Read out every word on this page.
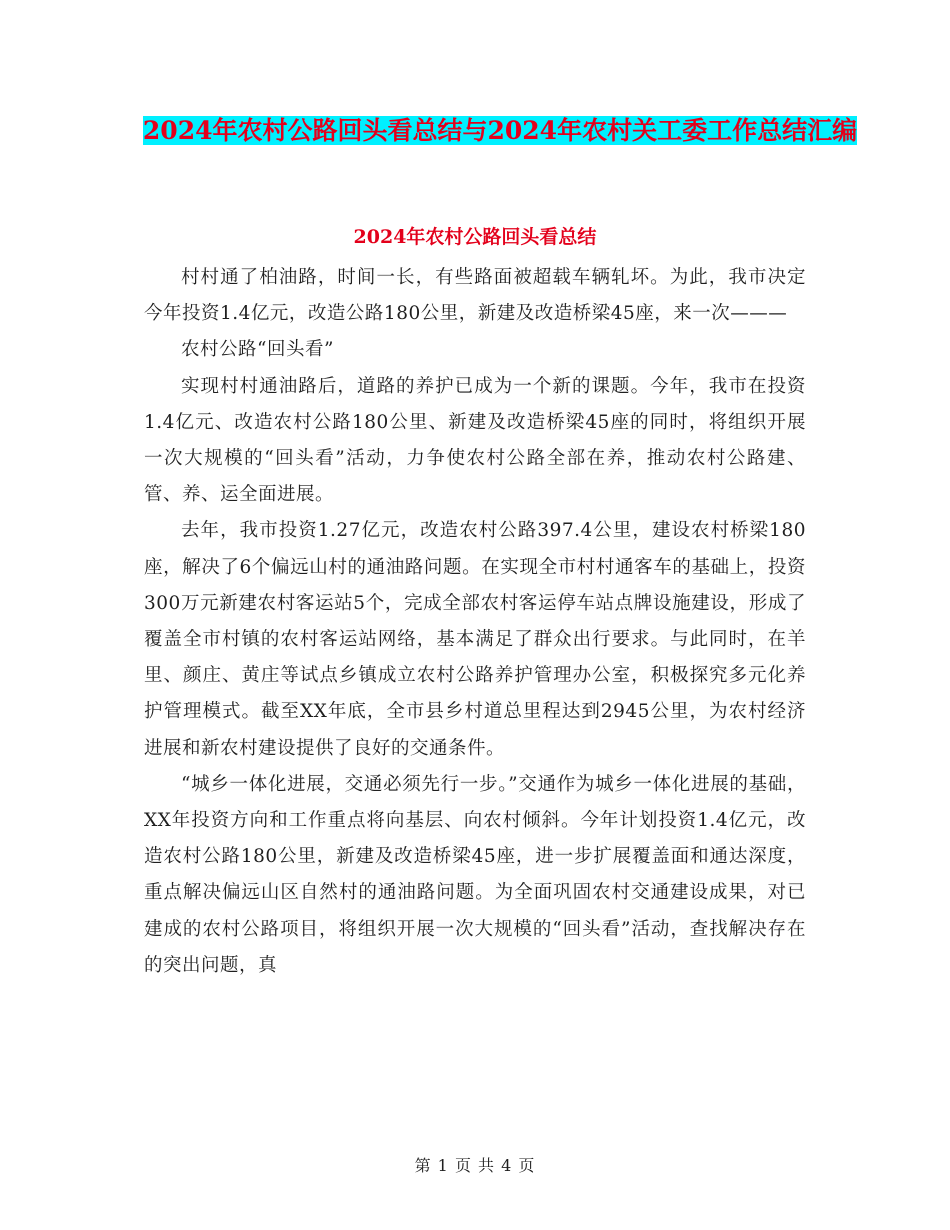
2024年农村公路回头看总结与2024年农村关工委工作总结汇编
2024年农村公路回头看总结

村村通了柏油路，时间一长，有些路面被超载车辆轧坏。为此，我市决定今年投资1.4亿元，改造公路180公里，新建及改造桥梁45座，来一次———

农村公路“回头看”

实现村村通油路后，道路的养护已成为一个新的课题。今年，我市在投资1.4亿元、改造农村公路180公里、新建及改造桥梁45座的同时，将组织开展一次大规模的“回头看”活动，力争使农村公路全部在养，推动农村公路建、管、养、运全面进展。

去年，我市投资1.27亿元，改造农村公路397.4公里，建设农村桥梁180座，解决了6个偏远山村的通油路问题。在实现全市村村通客车的基础上，投资300万元新建农村客运站5个，完成全部农村客运停车站点牌设施建设，形成了覆盖全市村镇的农村客运站网络，基本满足了群众出行要求。与此同时，在羊里、颜庄、黄庄等试点乡镇成立农村公路养护管理办公室，积极探究多元化养护管理模式。截至XX年底，全市县乡村道总里程达到2945公里，为农村经济进展和新农村建设提供了良好的交通条件。

“城乡一体化进展，交通必须先行一步。”交通作为城乡一体化进展的基础，XX年投资方向和工作重点将向基层、向农村倾斜。今年计划投资1.4亿元，改造农村公路180公里，新建及改造桥梁45座，进一步扩展覆盖面和通达深度，重点解决偏远山区自然村的通油路问题。为全面巩固农村交通建设成果，对已建成的农村公路项目，将组织开展一次大规模的“回头看”活动，查找解决存在的突出问题，真

第 1 页 共 4 页
